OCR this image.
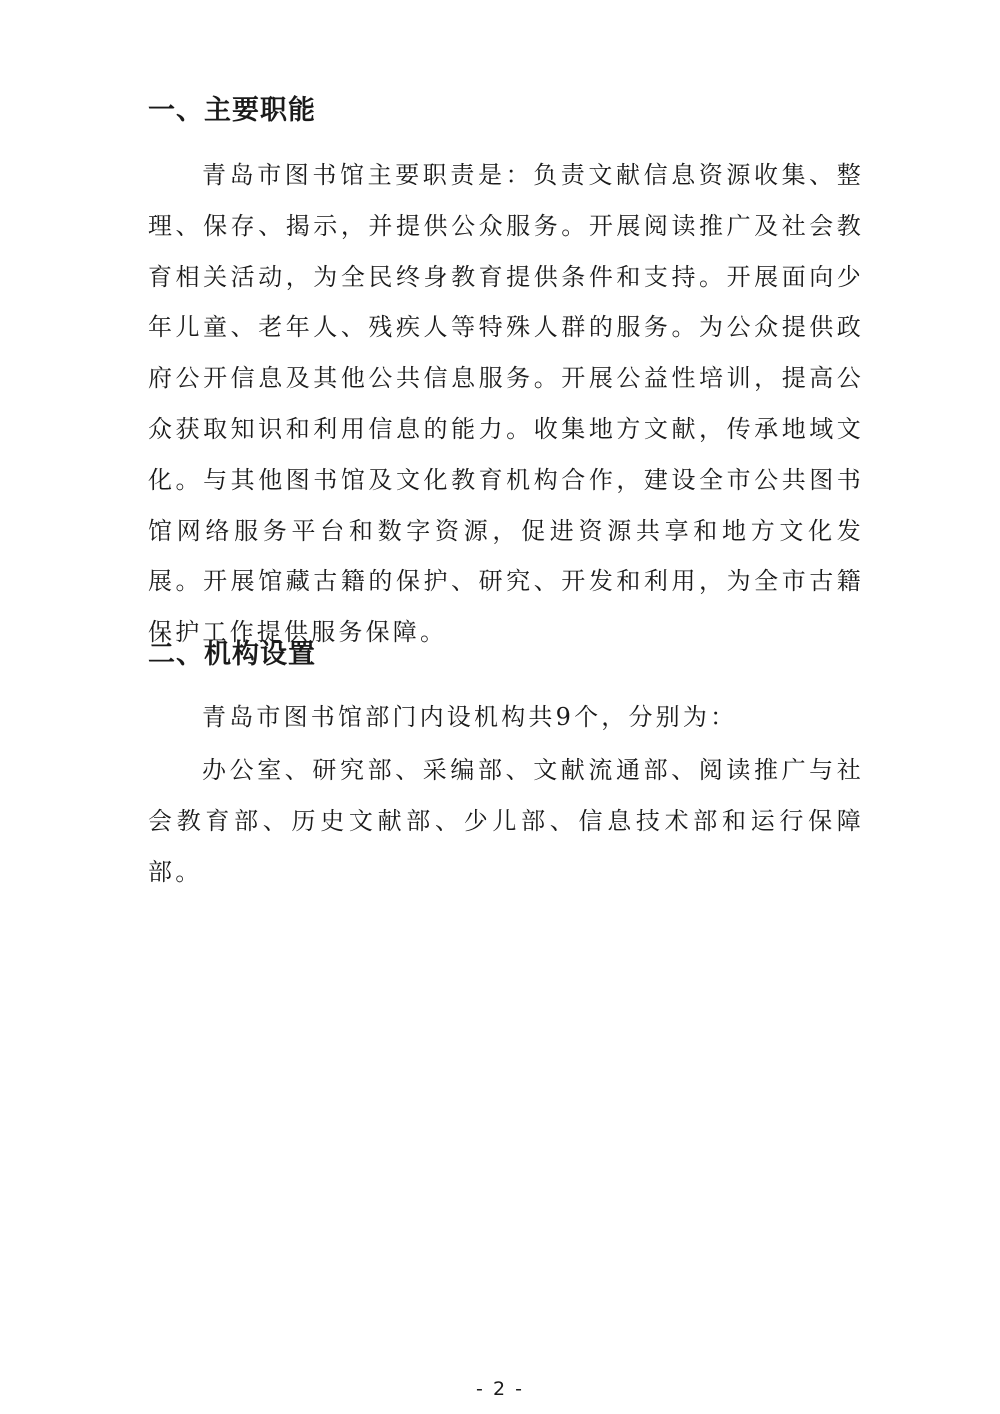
一、主要职能

青岛市图书馆主要职责是：负责文献信息资源收集、整理、保存、揭示，并提供公众服务。开展阅读推广及社会教育相关活动，为全民终身教育提供条件和支持。开展面向少年儿童、老年人、残疾人等特殊人群的服务。为公众提供政府公开信息及其他公共信息服务。开展公益性培训，提高公众获取知识和利用信息的能力。收集地方文献，传承地域文化。与其他图书馆及文化教育机构合作，建设全市公共图书馆网络服务平台和数字资源，促进资源共享和地方文化发展。开展馆藏古籍的保护、研究、开发和利用，为全市古籍保护工作提供服务保障。

二、机构设置

青岛市图书馆部门内设机构共9个，分别为：

办公室、研究部、采编部、文献流通部、阅读推广与社会教育部、历史文献部、少儿部、信息技术部和运行保障部。

- 2 -
